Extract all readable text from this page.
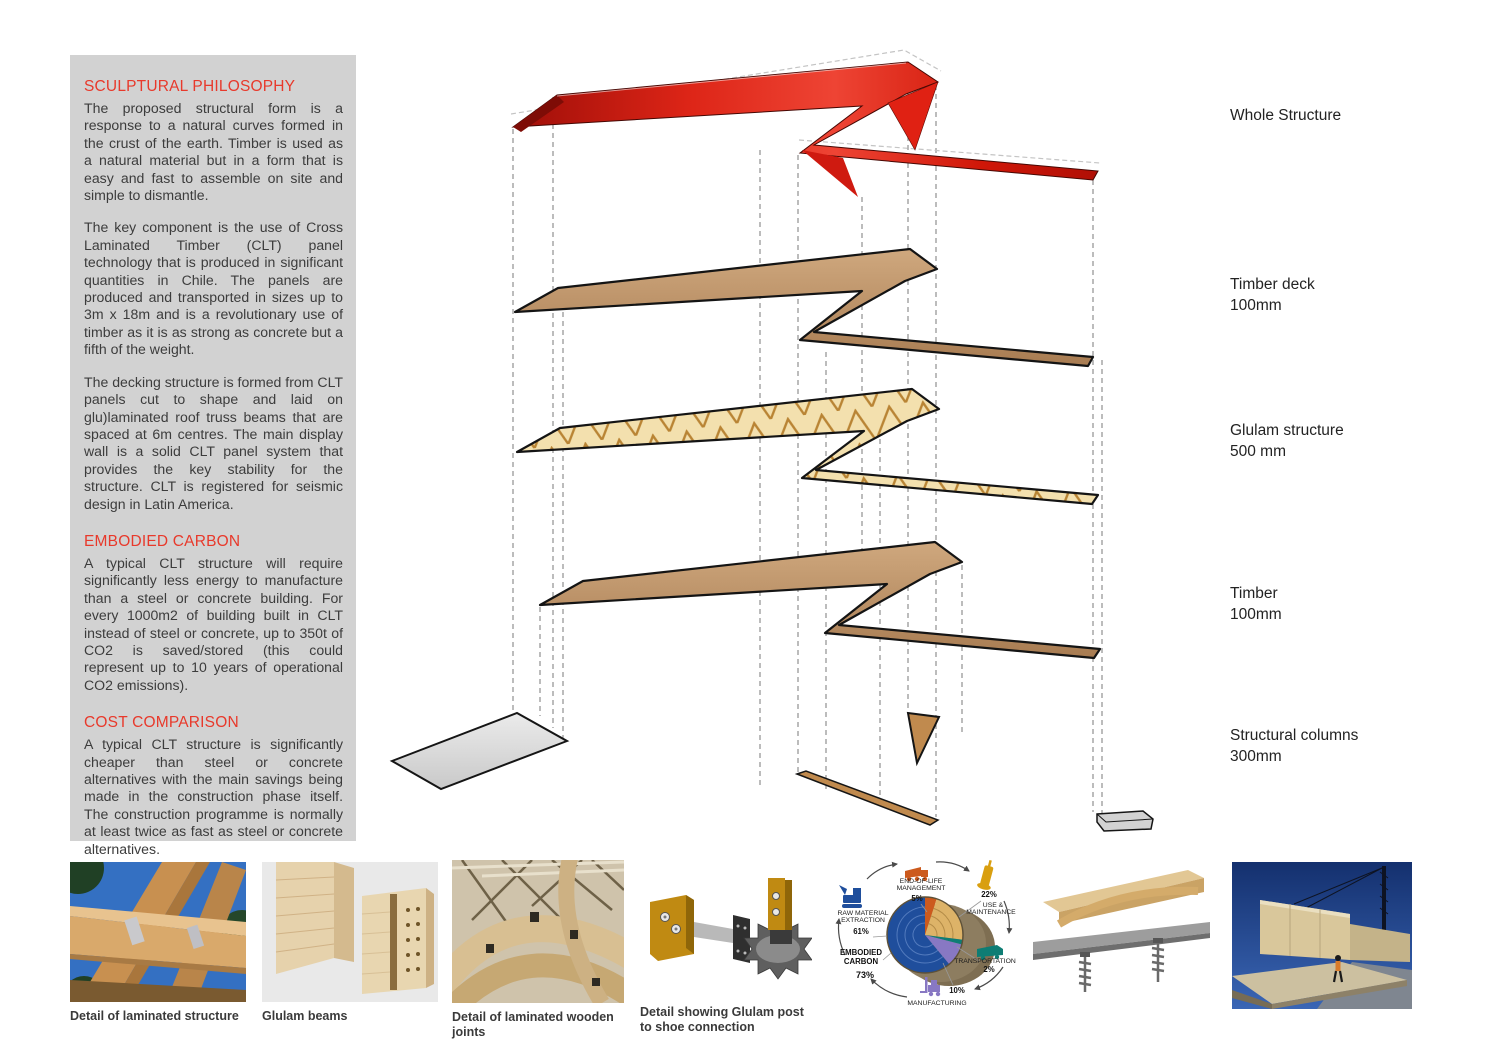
SCULPTURAL PHILOSOPHY

The proposed structural form is a response to a natural curves formed in the crust of the earth. Timber is used as a natural material but in a form that is easy and fast to assemble on site and simple to dismantle.

The key component is the use of Cross Laminated Timber (CLT) panel technology that is produced in significant quantities in Chile. The panels are produced and transported in sizes up to 3m x 18m and is a revolutionary use of timber as it is as strong as concrete but a fifth of the weight.

The decking structure is formed from CLT panels cut to shape and laid on glu)laminated roof truss beams that are spaced at 6m centres. The main display wall is a solid CLT panel system that provides the key stability for the structure. CLT is registered for seismic design in Latin America.

EMBODIED CARBON

A typical CLT structure will require significantly less energy to manufacture than a steel or concrete building. For every 1000m2 of building built in CLT instead of steel or concrete, up to 350t of CO2 is saved/stored (this could represent up to 10 years of operational CO2 emissions).

COST COMPARISON

A typical CLT structure is significantly cheaper than steel or concrete alternatives with the main savings being made in the construction phase itself. The construction programme is normally at least twice as fast as steel or concrete alternatives.

Whole Structure
Timber deck
100mm
Glulam structure
500 mm
Timber
100mm
Structural columns
300mm
Detail of laminated structure	Glulam beams	Detail of laminated wooden joints
Detail showing Glulam post to shoe connection
RAW MATERIAL
EXTRACTION
61%
END-OF-LIFE
MANAGEMENT
5%	22%
USE &
MAINTENANCE
TRANSPORTATION
2%
MANUFACTURING
10%
EMBODIED
CARBON
73%
